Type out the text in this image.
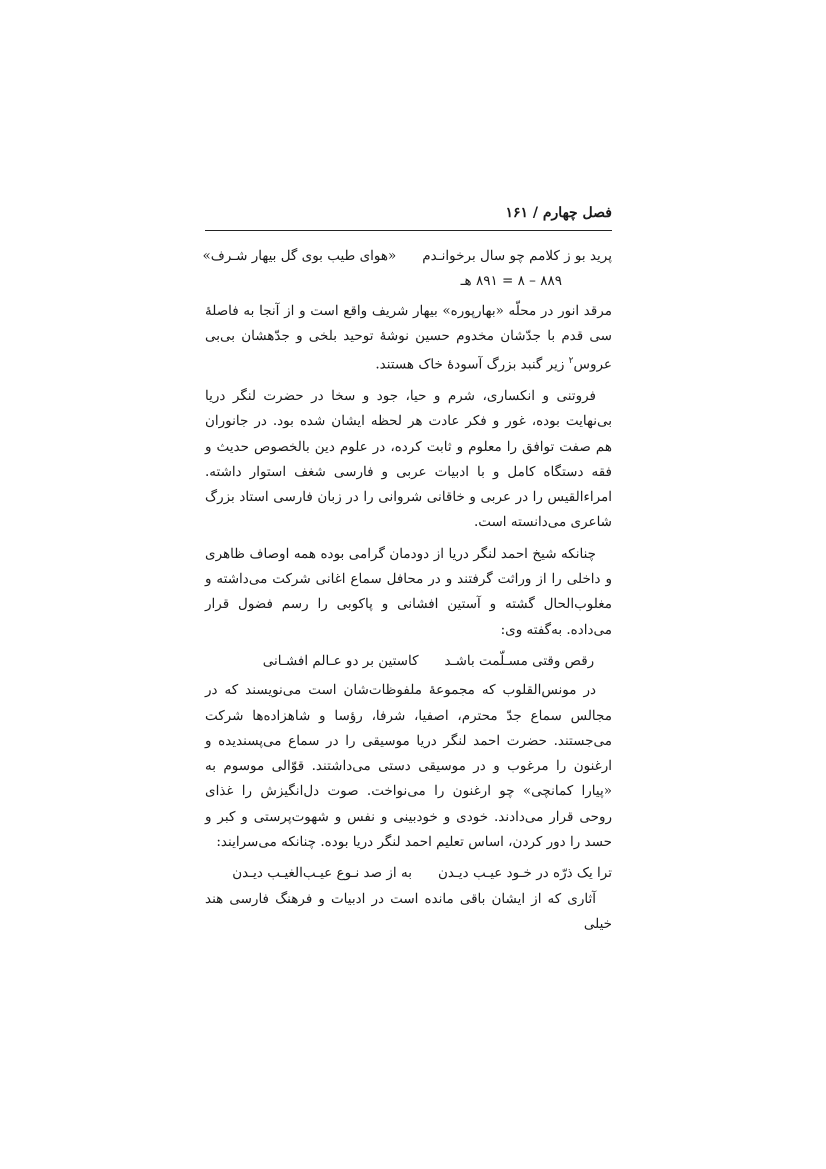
فصل چهارم / ۱۶۱
پرید بو ز کلامم چو سال برخوانـدم
«هوای طیب بوی گل بیهار شـرف»
۸۸۹ – ۸ = ۸۹۱ هـ

مرقد انور در محلّه «بهارپوره» بیهار شریف واقع است و از آنجا به فاصلهٔ سی قدم با جدّشان مخدوم حسین نوشهٔ توحید بلخی و جدّهشان بی‌بی عروس$^۲$ زیر گنبد بزرگ آسودهٔ خاک هستند.

فروتنی و انکساری، شرم و حیا، جود و سخا در حضرت لنگر دریا بی‌نهایت بوده، غور و فکر عادت هر لحظه ایشان شده بود. در جانوران هم صفت توافق را معلوم و ثابت کرده، در علوم دین بالخصوص حدیث و فقه دستگاه کامل و با ادبیات عربی و فارسی شغف استوار داشته. امراءالقیس را در عربی و خاقانی شروانی را در زبان فارسی استاد بزرگ شاعری می‌دانسته است.

چنانکه شیخ احمد لنگر دریا از دودمان گرامی بوده همه اوصاف ظاهری و داخلی را از وراثت گرفتند و در محافل سماع اغانی شرکت می‌داشته و مغلوب‌الحال گشته و آستین افشانی و پاکوبی را رسم فضول قرار می‌داده. به‌گفته وی:

رقص وقتی مسـلّمت باشـد
کاستین بر دو عـالم افشـانی

در مونس‌القلوب که مجموعهٔ ملفوظات‌شان است می‌نویسند که در مجالس سماع جدّ محترم، اصفیا، شرفا، رؤسا و شاهزاده‌ها شرکت می‌جستند. حضرت احمد لنگر دریا موسیقی را در سماع می‌پسندیده و ارغنون را مرغوب و در موسیقی دستی می‌داشتند. قوّالی موسوم به «پیارا کمانچی» چو ارغنون را می‌نواخت. صوت دل‌انگیزش را غذای روحی قرار می‌دادند. خودی و خودبینی و نفس و شهوت‌پرستی و کبر و حسد را دور کردن، اساس تعلیم احمد لنگر دریا بوده. چنانکه می‌سرایند:

ترا یک ذرّه در خـود عیـب دیـدن
به از صد نـوع عیـب‌الغیـب دیـدن

آثاری که از ایشان باقی مانده است در ادبیات و فرهنگ فارسی هند خیلی
